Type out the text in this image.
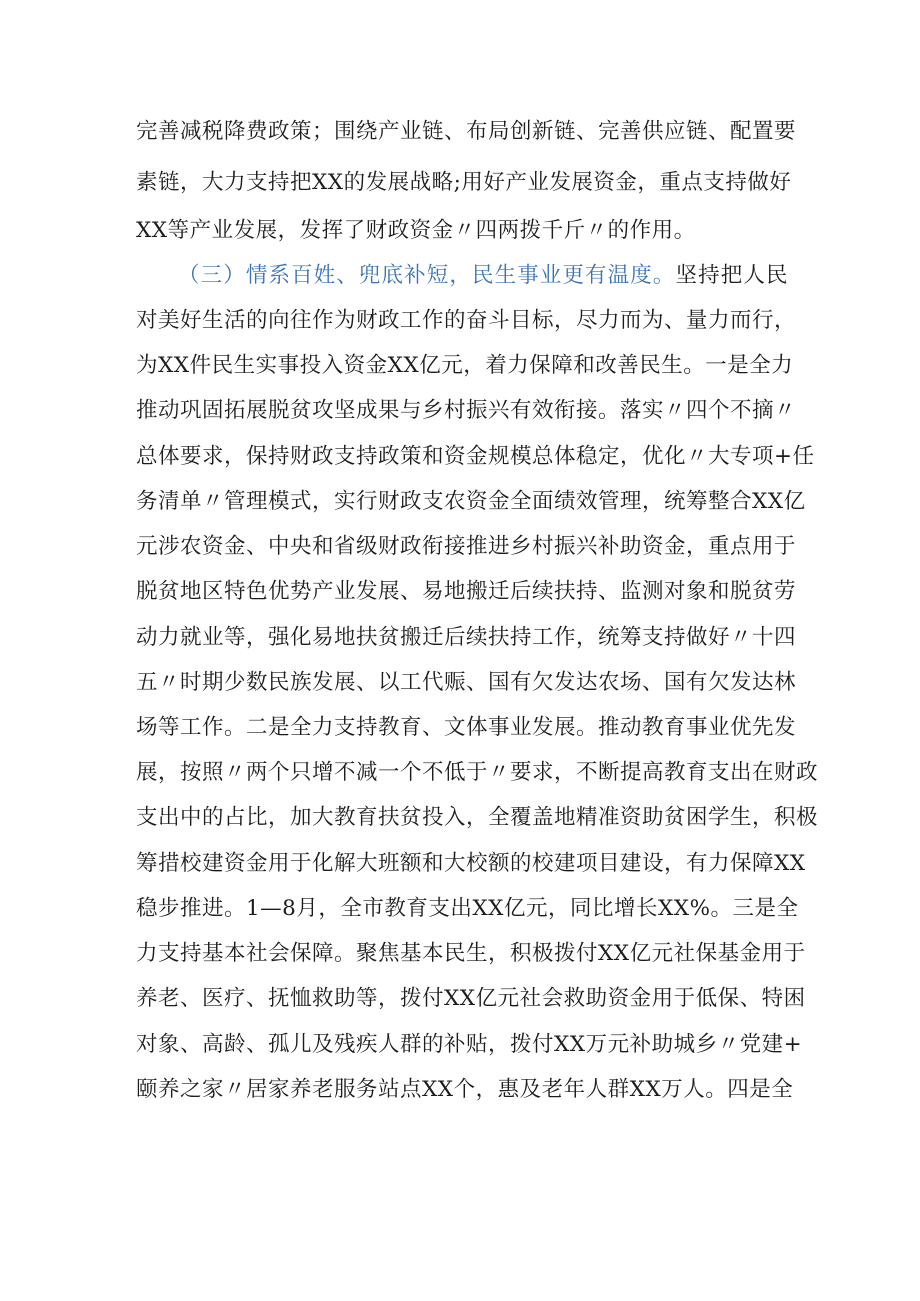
完善减税降费政策；围绕产业链、布局创新链、完善供应链、配置要
素链，大力支持把XX的发展战略;用好产业发展资金，重点支持做好
XX等产业发展，发挥了财政资金〃四两拨千斤〃的作用。
（三）情系百姓、兜底补短，民生事业更有温度。坚持把人民
对美好生活的向往作为财政工作的奋斗目标，尽力而为、量力而行，
为XX件民生实事投入资金XX亿元，着力保障和改善民生。一是全力
推动巩固拓展脱贫攻坚成果与乡村振兴有效衔接。落实〃四个不摘〃
总体要求，保持财政支持政策和资金规模总体稳定，优化〃大专项+任
务清单〃管理模式，实行财政支农资金全面绩效管理，统筹整合XX亿
元涉农资金、中央和省级财政衔接推进乡村振兴补助资金，重点用于
脱贫地区特色优势产业发展、易地搬迁后续扶持、监测对象和脱贫劳
动力就业等，强化易地扶贫搬迁后续扶持工作，统筹支持做好〃十四
五〃时期少数民族发展、以工代赈、国有欠发达农场、国有欠发达林
场等工作。二是全力支持教育、文体事业发展。推动教育事业优先发
展，按照〃两个只增不减一个不低于〃要求，不断提高教育支出在财政
支出中的占比，加大教育扶贫投入，全覆盖地精准资助贫困学生，积极
筹措校建资金用于化解大班额和大校额的校建项目建设，有力保障XX
稳步推进。1—8月，全市教育支出XX亿元，同比增长XX%。三是全
力支持基本社会保障。聚焦基本民生，积极拨付XX亿元社保基金用于
养老、医疗、抚恤救助等，拨付XX亿元社会救助资金用于低保、特困
对象、高龄、孤儿及残疾人群的补贴，拨付XX万元补助城乡〃党建+
颐养之家〃居家养老服务站点XX个，惠及老年人群XX万人。四是全
